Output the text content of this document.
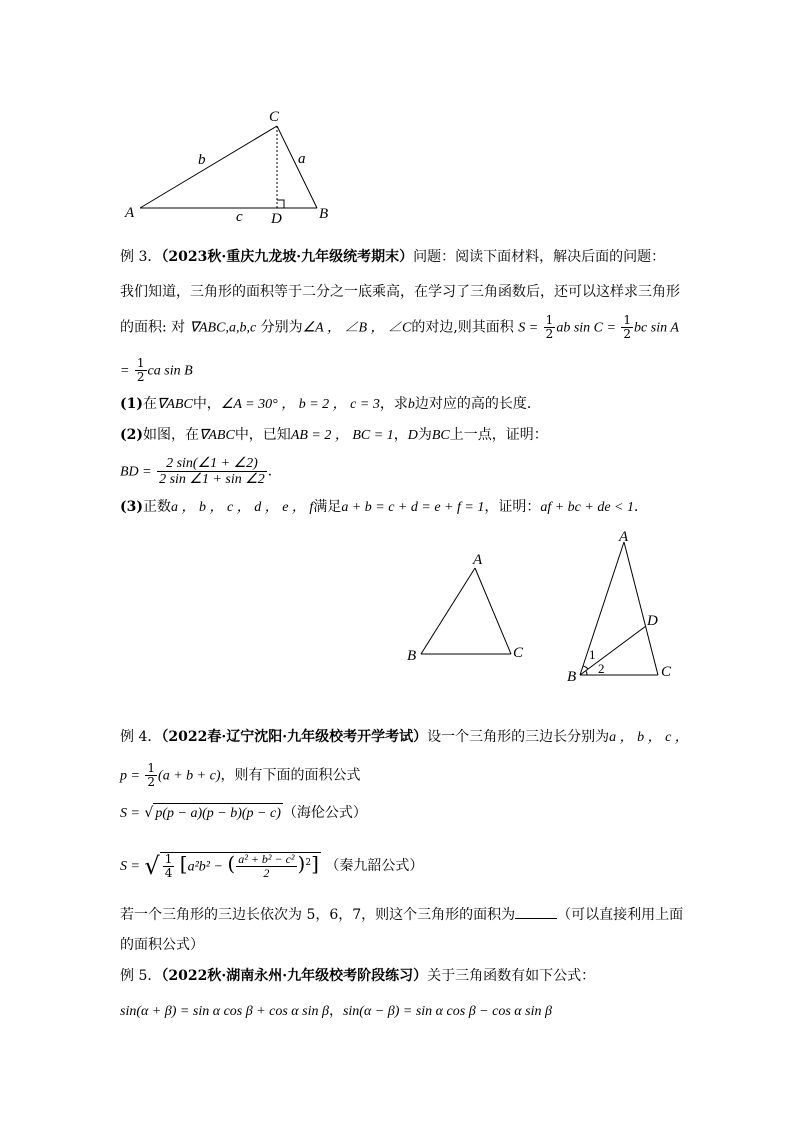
C
A	B
D
a
b
c
例 3．（2023秋·重庆九龙坡·九年级统考期末）问题：阅读下面材料，解决后面的问题：
我们知道，三角形的面积等于二分之一底乘高，在学习了三角函数后，还可以这样求三角形
的面积: 对 ∇ABC,a,b,c 分别为∠A ， ∠B ， ∠C的对边,则其面积 $S = \frac{1}{2}$ ab $\sin C = \frac{1}{2}$ bc sin A
= $\frac{1}{2}$ ca sin B
(1)在∇ABC中，∠A = 30° ， b = 2 ， c = 3，求b边对应的高的长度．
(2)如图，在∇ABC中，已知AB = 2 ， BC = 1，D为BC上一点，证明：
BD = $\frac{2 \sin(\angle 1 + \angle 2)}{2 \sin \angle 1 + \sin \angle 2}$ .
(3)正数a ， b ， c ， d ， e ， f满足a + b = c + d = e + f = 1，证明：af + bc + de < 1．
A
B	C
A
B	C
D
1
2
例 4．（2022春·辽宁沈阳·九年级校考开学考试）设一个三角形的三边长分别为a ， b ， c ，
$p = \frac{1}{2} (a + b + c)$，则有下面的面积公式
S = √ p(p − a)(p − b)(p − c) （海伦公式）
S = √ $\frac{1}{4} [a^2b^2$ − ( $\frac{\text{a² + b² − c²}}{2} )^2$] （秦九韶公式）
若一个三角形的三边长依次为 5，6，7，则这个三角形的面积为	（可以直接利用上面
的面积公式）
例 5．（2022秋·湖南永州·九年级校考阶段练习）关于三角函数有如下公式：
sin(α + β) = sin α cos β + cos α sin β，sin(α − β) = sin α cos β − cos α sin β
